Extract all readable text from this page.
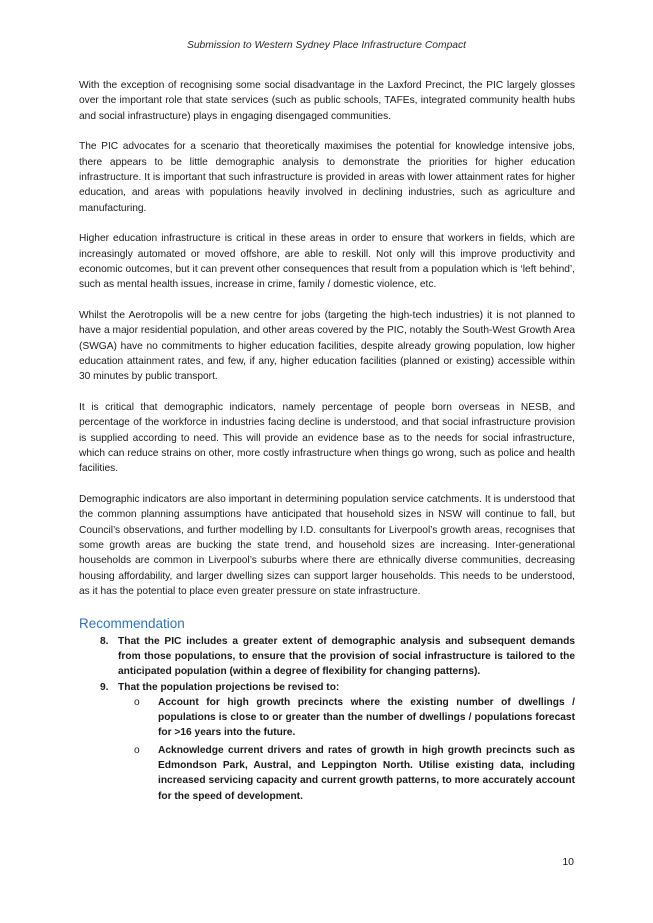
Submission to Western Sydney Place Infrastructure Compact

With the exception of recognising some social disadvantage in the Laxford Precinct, the PIC largely glosses over the important role that state services (such as public schools, TAFEs, integrated community health hubs and social infrastructure) plays in engaging disengaged communities.

The PIC advocates for a scenario that theoretically maximises the potential for knowledge intensive jobs, there appears to be little demographic analysis to demonstrate the priorities for higher education infrastructure. It is important that such infrastructure is provided in areas with lower attainment rates for higher education, and areas with populations heavily involved in declining industries, such as agriculture and manufacturing.

Higher education infrastructure is critical in these areas in order to ensure that workers in fields, which are increasingly automated or moved offshore, are able to reskill. Not only will this improve productivity and economic outcomes, but it can prevent other consequences that result from a population which is ‘left behind’, such as mental health issues, increase in crime, family / domestic violence, etc.

Whilst the Aerotropolis will be a new centre for jobs (targeting the high-tech industries) it is not planned to have a major residential population, and other areas covered by the PIC, notably the South-West Growth Area (SWGA) have no commitments to higher education facilities, despite already growing population, low higher education attainment rates, and few, if any, higher education facilities (planned or existing) accessible within 30 minutes by public transport.

It is critical that demographic indicators, namely percentage of people born overseas in NESB, and percentage of the workforce in industries facing decline is understood, and that social infrastructure provision is supplied according to need. This will provide an evidence base as to the needs for social infrastructure, which can reduce strains on other, more costly infrastructure when things go wrong, such as police and health facilities.

Demographic indicators are also important in determining population service catchments. It is understood that the common planning assumptions have anticipated that household sizes in NSW will continue to fall, but Council’s observations, and further modelling by I.D. consultants for Liverpool’s growth areas, recognises that some growth areas are bucking the state trend, and household sizes are increasing. Inter-generational households are common in Liverpool’s suburbs where there are ethnically diverse communities, decreasing housing affordability, and larger dwelling sizes can support larger households. This needs to be understood, as it has the potential to place even greater pressure on state infrastructure.

Recommendation
8. That the PIC includes a greater extent of demographic analysis and subsequent demands from those populations, to ensure that the provision of social infrastructure is tailored to the anticipated population (within a degree of flexibility for changing patterns).
9. That the population projections be revised to:
o Account for high growth precincts where the existing number of dwellings / populations is close to or greater than the number of dwellings / populations forecast for >16 years into the future.
o Acknowledge current drivers and rates of growth in high growth precincts such as Edmondson Park, Austral, and Leppington North. Utilise existing data, including increased servicing capacity and current growth patterns, to more accurately account for the speed of development.
10
